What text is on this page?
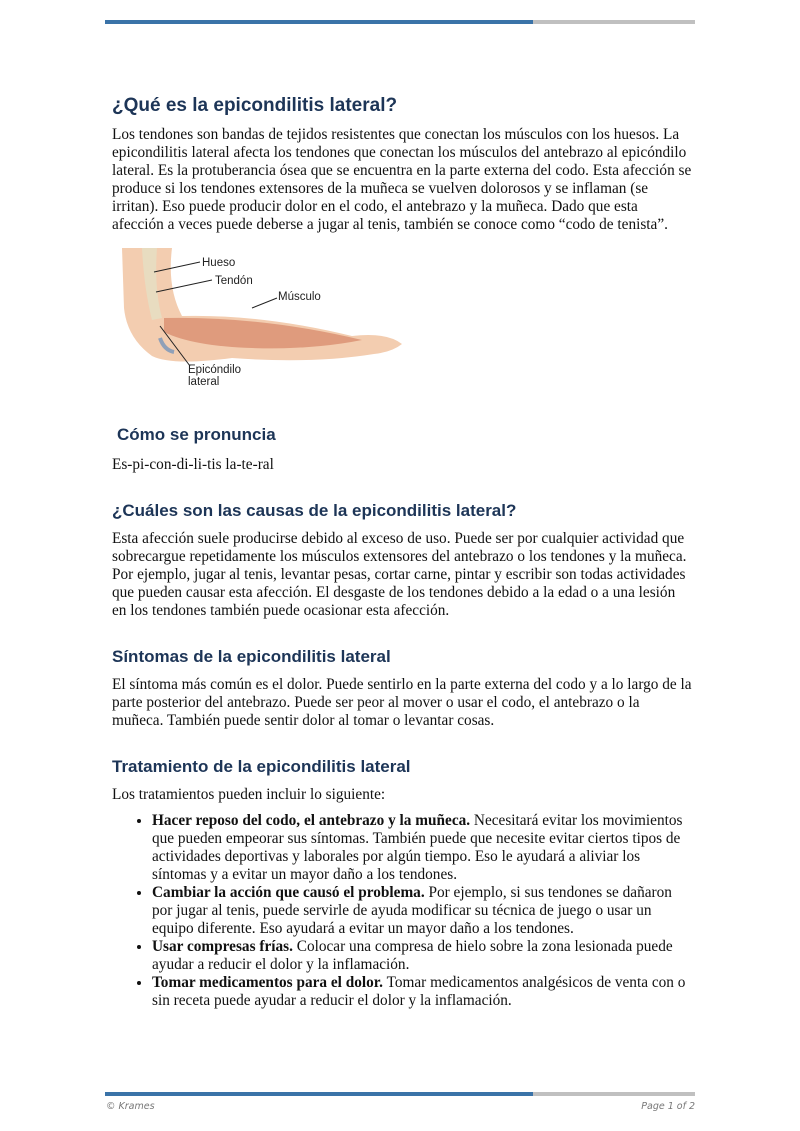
¿Qué es la epicondilitis lateral?

Los tendones son bandas de tejidos resistentes que conectan los músculos con los huesos. La epicondilitis lateral afecta los tendones que conectan los músculos del antebrazo al epicóndilo lateral. Es la protuberancia ósea que se encuentra en la parte externa del codo. Esta afección se produce si los tendones extensores de la muñeca se vuelven dolorosos y se inflaman (se irritan). Eso puede producir dolor en el codo, el antebrazo y la muñeca. Dado que esta afección a veces puede deberse a jugar al tenis, también se conoce como “codo de tenista”.

Hueso
Tendón
Músculo
Epicóndilo
lateral
Cómo se pronuncia

Es-pi-con-di-li-tis la-te-ral

¿Cuáles son las causas de la epicondilitis lateral?

Esta afección suele producirse debido al exceso de uso. Puede ser por cualquier actividad que sobrecargue repetidamente los músculos extensores del antebrazo o los tendones y la muñeca. Por ejemplo, jugar al tenis, levantar pesas, cortar carne, pintar y escribir son todas actividades que pueden causar esta afección. El desgaste de los tendones debido a la edad o a una lesión en los tendones también puede ocasionar esta afección.

Síntomas de la epicondilitis lateral

El síntoma más común es el dolor. Puede sentirlo en la parte externa del codo y a lo largo de la parte posterior del antebrazo. Puede ser peor al mover o usar el codo, el antebrazo o la muñeca. También puede sentir dolor al tomar o levantar cosas.

Tratamiento de la epicondilitis lateral

Los tratamientos pueden incluir lo siguiente:

• Hacer reposo del codo, el antebrazo y la muñeca. Necesitará evitar los movimientos que pueden empeorar sus síntomas. También puede que necesite evitar ciertos tipos de actividades deportivas y laborales por algún tiempo. Eso le ayudará a aliviar los síntomas y a evitar un mayor daño a los tendones.
• Cambiar la acción que causó el problema. Por ejemplo, si sus tendones se dañaron por jugar al tenis, puede servirle de ayuda modificar su técnica de juego o usar un equipo diferente. Eso ayudará a evitar un mayor daño a los tendones.
• Usar compresas frías. Colocar una compresa de hielo sobre la zona lesionada puede ayudar a reducir el dolor y la inflamación.
• Tomar medicamentos para el dolor. Tomar medicamentos analgésicos de venta con o sin receta puede ayudar a reducir el dolor y la inflamación.
© Krames	Page 1 of 2
